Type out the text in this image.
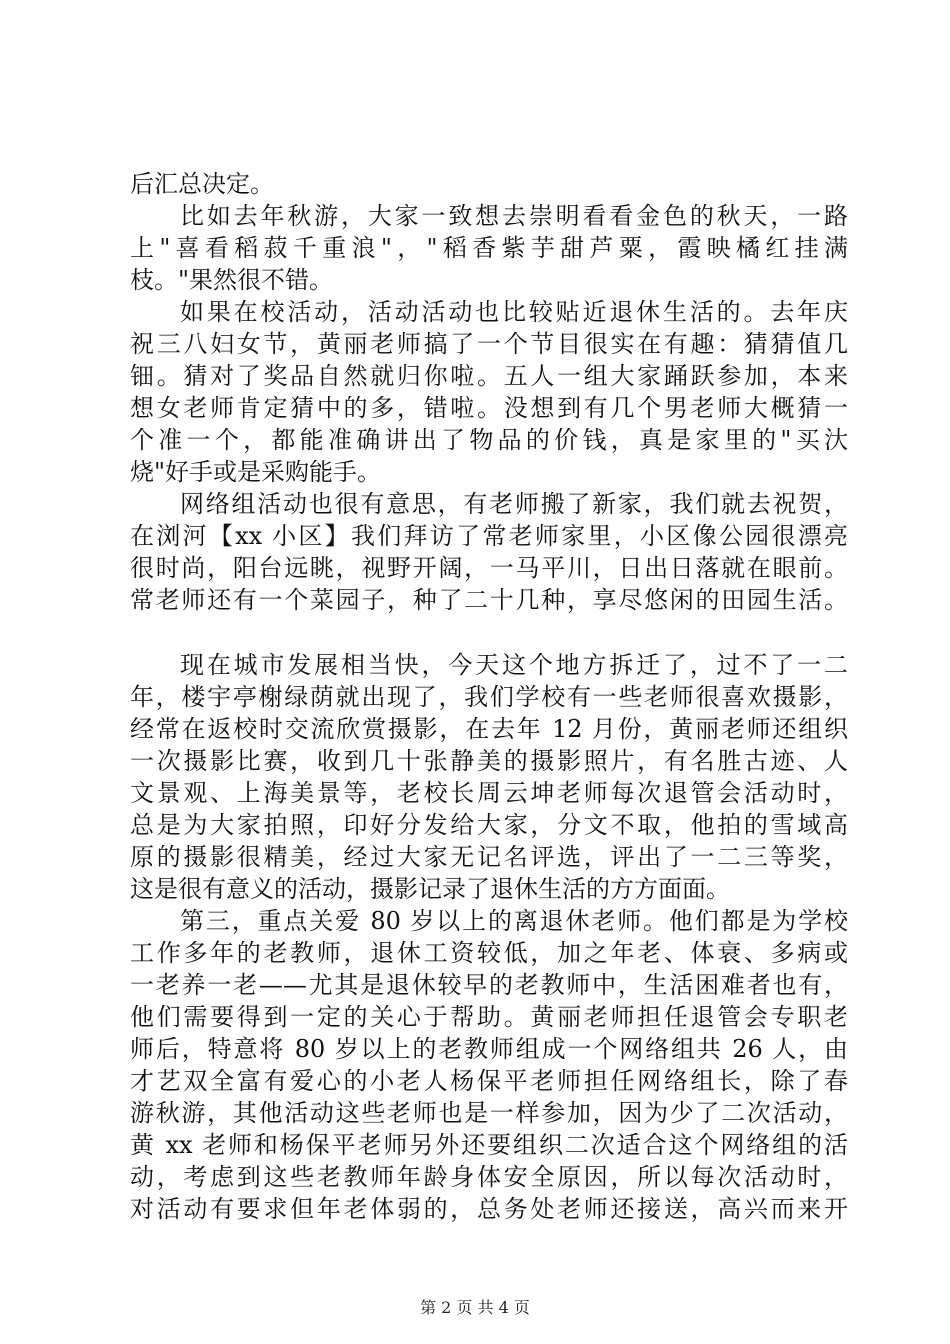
后汇总决定。
比如去年秋游，大家一致想去崇明看看金色的秋天，一路
上"喜看稻菽千重浪"，"稻香紫芋甜芦粟，霞映橘红挂满
枝。"果然很不错。
如果在校活动，活动活动也比较贴近退休生活的。去年庆
祝三八妇女节，黄丽老师搞了一个节目很实在有趣：猜猜值几
钿。猜对了奖品自然就归你啦。五人一组大家踊跃参加，本来
想女老师肯定猜中的多，错啦。没想到有几个男老师大概猜一
个准一个，都能准确讲出了物品的价钱，真是家里的"买汏
烧"好手或是采购能手。
网络组活动也很有意思，有老师搬了新家，我们就去祝贺，
在浏河【xx 小区】我们拜访了常老师家里，小区像公园很漂亮
很时尚，阳台远眺，视野开阔，一马平川，日出日落就在眼前。
常老师还有一个菜园子，种了二十几种，享尽悠闲的田园生活。
现在城市发展相当快，今天这个地方拆迁了，过不了一二
年，楼宇亭榭绿荫就出现了，我们学校有一些老师很喜欢摄影，
经常在返校时交流欣赏摄影，在去年 12 月份，黄丽老师还组织
一次摄影比赛，收到几十张静美的摄影照片，有名胜古迹、人
文景观、上海美景等，老校长周云坤老师每次退管会活动时，
总是为大家拍照，印好分发给大家，分文不取，他拍的雪域高
原的摄影很精美，经过大家无记名评选，评出了一二三等奖，
这是很有意义的活动，摄影记录了退休生活的方方面面。
第三，重点关爱 80 岁以上的离退休老师。他们都是为学校
工作多年的老教师，退休工资较低，加之年老、体衰、多病或
一老养一老——尤其是退休较早的老教师中，生活困难者也有，
他们需要得到一定的关心于帮助。黄丽老师担任退管会专职老
师后，特意将 80 岁以上的老教师组成一个网络组共 26 人，由
才艺双全富有爱心的小老人杨保平老师担任网络组长，除了春
游秋游，其他活动这些老师也是一样参加，因为少了二次活动，
黄 xx 老师和杨保平老师另外还要组织二次适合这个网络组的活
动，考虑到这些老教师年龄身体安全原因，所以每次活动时，
对活动有要求但年老体弱的，总务处老师还接送，高兴而来开
第 2 页 共 4 页
